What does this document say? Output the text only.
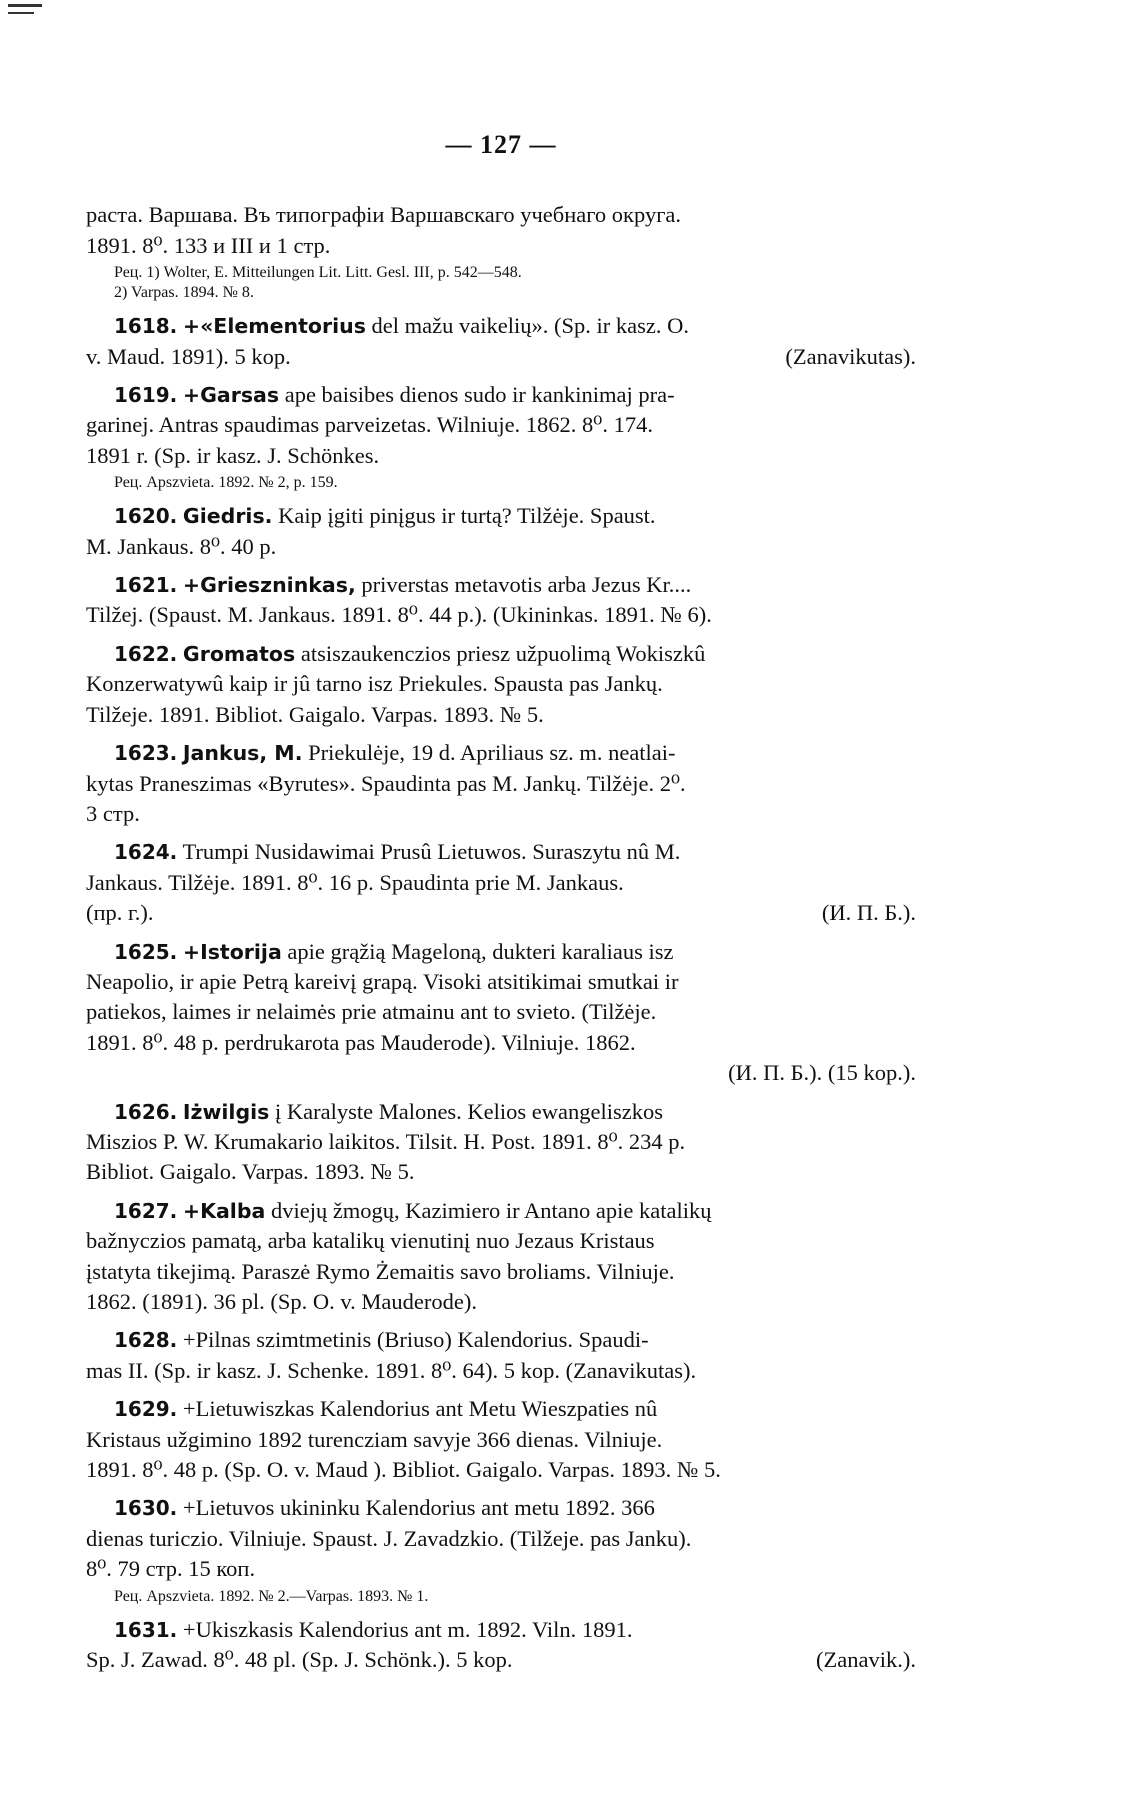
— 127 —
pacта. Варшава. Въ типографіи Варшавскаго учебнаго округа.
1891. 8⁰. 133 и III и 1 стр.
Рец. 1) Wolter, E. Mitteilungen Lit. Litt. Gesl. III, p. 542—548.
2) Varpas. 1894. № 8.
1618. +«Elementorius del mažu vaikelių». (Sp. ir kasz. O.
v. Maud. 1891). 5 kop.	(Zanavikutas).
1619. +Garsas ape baisibes dienos sudo ir kankinimaj pra-
garinej. Antras spaudimas parveizetas. Wilniuje. 1862. 8⁰. 174.
1891 r. (Sp. ir kasz. J. Schönkes.
Рец. Apszvieta. 1892. № 2, p. 159.
1620. Giedris. Kaip įgiti pinįgus ir turtą? Tilžėje. Spaust.
M. Jankaus. 8⁰. 40 p.
1621. +Grieszninkas, priverstas metavotis arba Jezus Kr....
Tilžej. (Spaust. M. Jankaus. 1891. 8⁰. 44 p.). (Ukininkas. 1891. № 6).
1622. Gromatos atsiszaukenczios priesz užpuolimą Wokiszkû
Konzerwatywû kaip ir jû tarno isz Priekules. Spausta pas Jankų.
Tilžeje. 1891. Bibliot. Gaigalo. Varpas. 1893. № 5.
1623. Jankus, M. Priekulėje, 19 d. Apriliaus sz. m. neatlai-
kytas Praneszimas «Byrutes». Spaudinta pas M. Jankų. Tilžėje. 2⁰.
3 стр.
1624. Trumpi Nusidawimai Prusû Lietuwos. Suraszytu nû M.
Jankaus. Tilžėje. 1891. 8⁰. 16 p. Spaudinta prie M. Jankaus.
(пр. г.).	(И. П. Б.).
1625. +Istorija apie grąžią Mageloną, dukteri karaliaus isz
Neapolio, ir apie Petrą kareivį grapą. Visoki atsitikimai smutkai ir
patiekos, laimes ir nelaimės prie atmainu ant to svieto. (Tilžėje.
1891. 8⁰. 48 p. perdrukarota pas Mauderode). Vilniuje. 1862.
(И. П. Б.). (15 kop.).
1626. Iżwilgis į Karalyste Malones. Kelios ewangeliszkos
Miszios P. W. Krumakario laikitos. Tilsit. H. Post. 1891. 8⁰. 234 p.
Bibliot. Gaigalo. Varpas. 1893. № 5.
1627. +Kalba dviejų žmogų, Kazimiero ir Antano apie katalikų
bažnyczios pamatą, arba katalikų vienutinį nuo Jezaus Kristaus
įstatyta tikejimą. Paraszė Rymo Żemaitis savo broliams. Vilniuje.
1862. (1891). 36 pl. (Sp. O. v. Mauderode).
1628. +Pilnas szimtmetinis (Briuso) Kalendorius. Spaudi-
mas II. (Sp. ir kasz. J. Schenke. 1891. 8⁰. 64). 5 kop. (Zanavikutas).
1629. +Lietuwiszkas Kalendorius ant Metu Wieszpaties nû
Kristaus užgimino 1892 turencziam savyje 366 dienas. Vilniuje.
1891. 8⁰. 48 p. (Sp. O. v. Maud ). Bibliot. Gaigalo. Varpas. 1893. № 5.
1630. +Lietuvos ukininku Kalendorius ant metu 1892. 366
dienas turiczio. Vilniuje. Spaust. J. Zavadzkio. (Tilžeje. pas Janku).
8⁰. 79 стр. 15 коп.
Рец. Apszvieta. 1892. № 2.—Varpas. 1893. № 1.
1631. +Ukiszkasis Kalendorius ant m. 1892. Viln. 1891.
Sp. J. Zawad. 8⁰. 48 pl. (Sp. J. Schönk.). 5 kop.	(Zanavik.).
